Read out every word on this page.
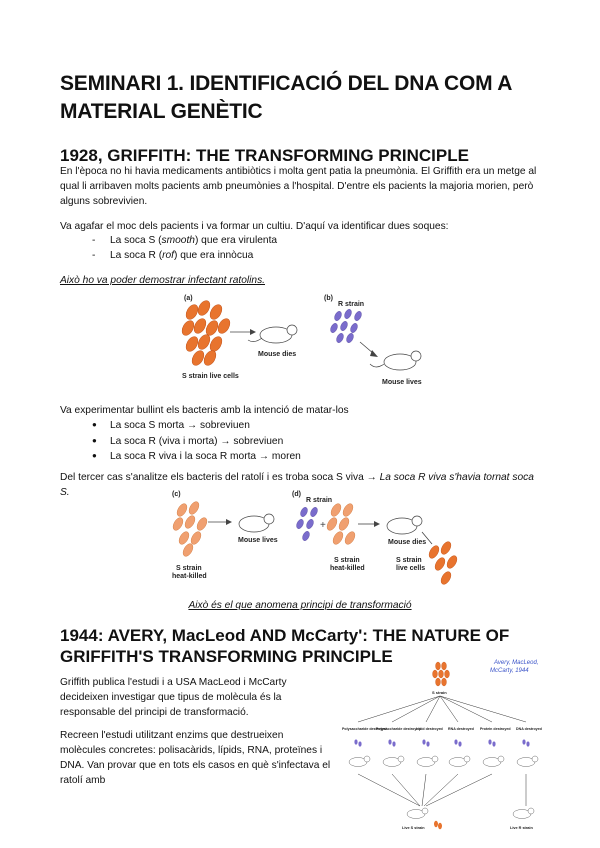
SEMINARI 1. IDENTIFICACIÓ DEL DNA COM A MATERIAL GENÈTIC
1928, GRIFFITH: THE TRANSFORMING PRINCIPLE

En l'època no hi havia medicaments antibiòtics i molta gent patia la pneumònia. El Griffith era un metge al qual li arribaven molts pacients amb pneumònies a l'hospital. D'entre els pacients la majoria morien, però alguns sobrevivien.

Va agafar el moc dels pacients i va formar un cultiu. D'aquí va identificar dues soques:

- La soca S (smooth) que era virulenta
- La soca R (rof) que era innòcua

Això ho va poder demostrar infectant ratolins.

(a)
Mouse dies
S strain live cells
(b)
R strain
Mouse lives

Va experimentar bullint els bacteris amb la intenció de matar-los

● La soca S morta → sobreviuen
● La soca R (viva i morta) → sobreviuen
● La soca R viva i la soca R morta → moren

Del tercer cas s'analitze els bacteris del ratolí i es troba soca S viva → La soca R viva s'havia tornat soca S.	(c)
Mouse lives
S strain
heat-killed
(d)
R strain
+
Mouse dies
S strain
heat-killed
S strain
live cells

Això és el que anomena principi de transformació

1944: AVERY, MacLeod AND McCarty': THE NATURE OF GRIFFITH'S TRANSFORMING PRINCIPLE

Griffith publica l'estudi i a USA MacLeod i McCarty decideixen investigar que tipus de molècula és la responsable del principi de transformació.

Recreen l'estudi utilitzant enzims que destrueixen molècules concretes: polisacàrids, lípids, RNA, proteïnes i DNA. Van provar que en tots els casos en què s'infectava el ratolí amb

Avery, MacLeod,
McCarty, 1944
S strain
Polysaccharide destroyed
Polysaccharide destroyed
Lipid destroyed RNA destroyed Protein destroyed DNA destroyed
Live S strain	Live R strain
